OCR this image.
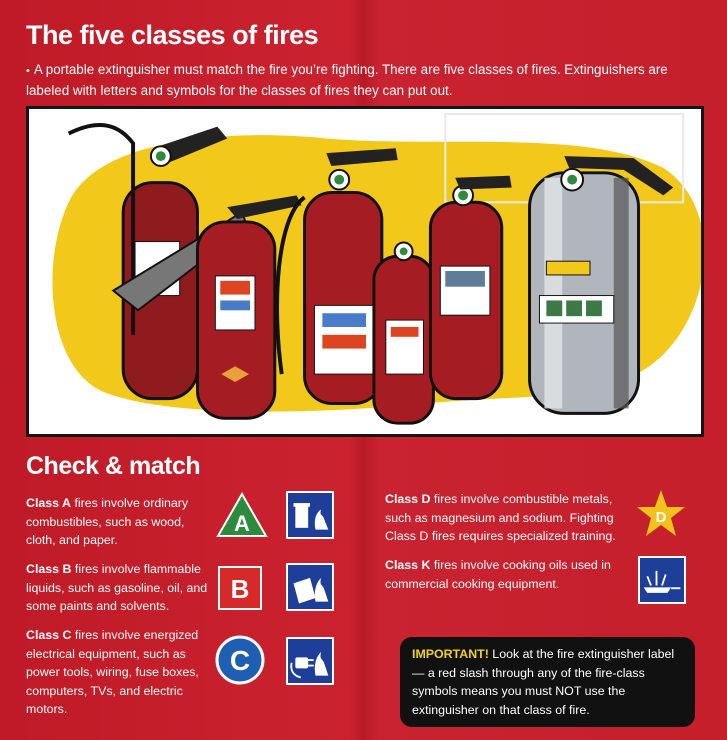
The five classes of fires
• A portable extinguisher must match the fire you’re fighting. There are five classes of fires. Extinguishers are labeled with letters and symbols for the classes of fires they can put out.
Check & match
Class A fires involve ordinary combustibles, such as wood, cloth, and paper.
A
Class B fires involve flammable liquids, such as gasoline, oil, and some paints and solvents.
B
Class C fires involve energized electrical equipment, such as power tools, wiring, fuse boxes, computers, TVs, and electric motors.
C
Class D fires involve combustible metals, such as magnesium and sodium. Fighting Class D fires requires specialized training.
D
Class K fires involve cooking oils used in commercial cooking equipment.
IMPORTANT! Look at the fire extinguisher label — a red slash through any of the fire-class symbols means you must NOT use the extinguisher on that class of fire.
